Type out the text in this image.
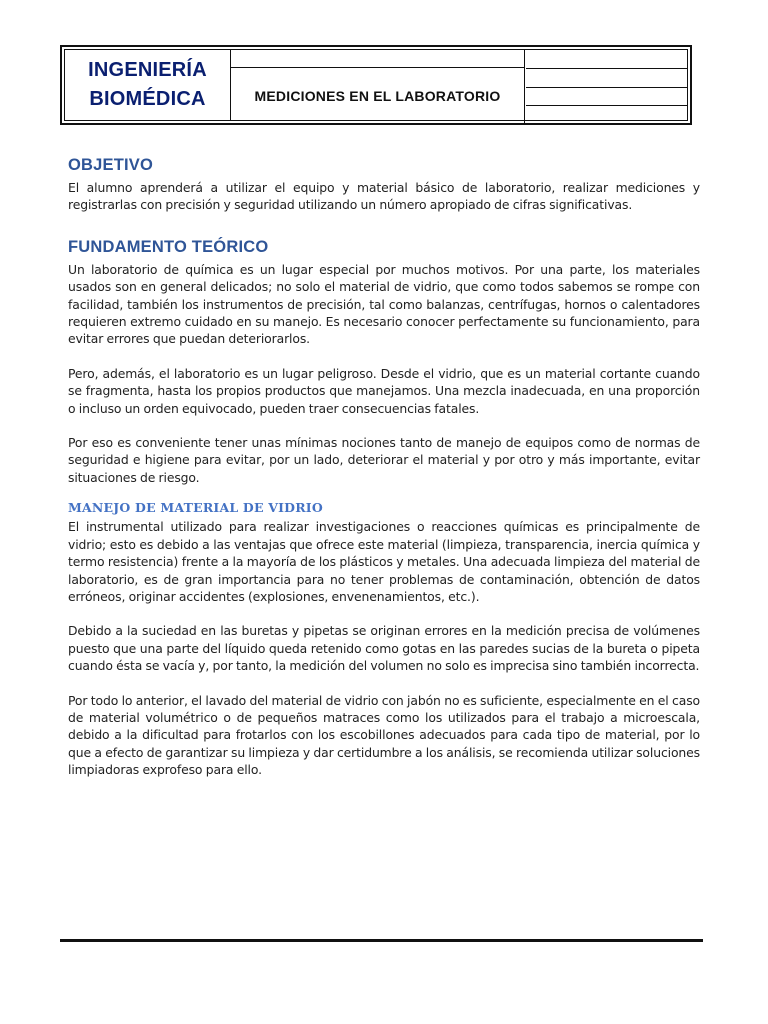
INGENIERÍA
BIOMÉDICA	MEDICIONES EN EL LABORATORIO
OBJETIVO

El alumno aprenderá a utilizar el equipo y material básico de laboratorio, realizar mediciones y registrarlas con precisión y seguridad utilizando un número apropiado de cifras significativas.

FUNDAMENTO TEÓRICO

Un laboratorio de química es un lugar especial por muchos motivos. Por una parte, los materiales usados son en general delicados; no solo el material de vidrio, que como todos sabemos se rompe con facilidad, también los instrumentos de precisión, tal como balanzas, centrífugas, hornos o calentadores requieren extremo cuidado en su manejo. Es necesario conocer perfectamente su funcionamiento, para evitar errores que puedan deteriorarlos.

Pero, además, el laboratorio es un lugar peligroso. Desde el vidrio, que es un material cortante cuando se fragmenta, hasta los propios productos que manejamos. Una mezcla inadecuada, en una proporción o incluso un orden equivocado, pueden traer consecuencias fatales.

Por eso es conveniente tener unas mínimas nociones tanto de manejo de equipos como de normas de seguridad e higiene para evitar, por un lado, deteriorar el material y por otro y más importante, evitar situaciones de riesgo.

MANEJO DE MATERIAL DE VIDRIO

El instrumental utilizado para realizar investigaciones o reacciones químicas es principalmente de vidrio; esto es debido a las ventajas que ofrece este material (limpieza, transparencia, inercia química y termo resistencia) frente a la mayoría de los plásticos y metales. Una adecuada limpieza del material de laboratorio, es de gran importancia para no tener problemas de contaminación, obtención de datos erróneos, originar accidentes (explosiones, envenenamientos, etc.).

Debido a la suciedad en las buretas y pipetas se originan errores en la medición precisa de volúmenes puesto que una parte del líquido queda retenido como gotas en las paredes sucias de la bureta o pipeta cuando ésta se vacía y, por tanto, la medición del volumen no solo es imprecisa sino también incorrecta.

Por todo lo anterior, el lavado del material de vidrio con jabón no es suficiente, especialmente en el caso de material volumétrico o de pequeños matraces como los utilizados para el trabajo a microescala, debido a la dificultad para frotarlos con los escobillones adecuados para cada tipo de material, por lo que a efecto de garantizar su limpieza y dar certidumbre a los análisis, se recomienda utilizar soluciones limpiadoras exprofeso para ello.
